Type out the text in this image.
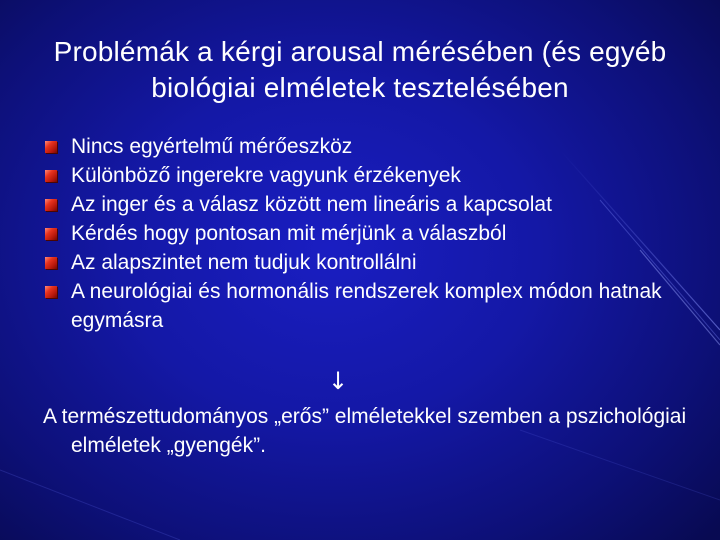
Problémák a kérgi arousal mérésében (és egyéb biológiai elméletek tesztelésében
Nincs egyértelmű mérőeszköz
Különböző ingerekre vagyunk érzékenyek
Az inger és a válasz között nem lineáris a kapcsolat
Kérdés hogy pontosan mit mérjünk a válaszból
Az alapszintet nem tudjuk kontrollálni
A neurológiai és hormonális rendszerek komplex módon hatnak egymásra
↓
A természettudományos „erős” elméletekkel szemben a pszichológiai elméletek „gyengék”.
